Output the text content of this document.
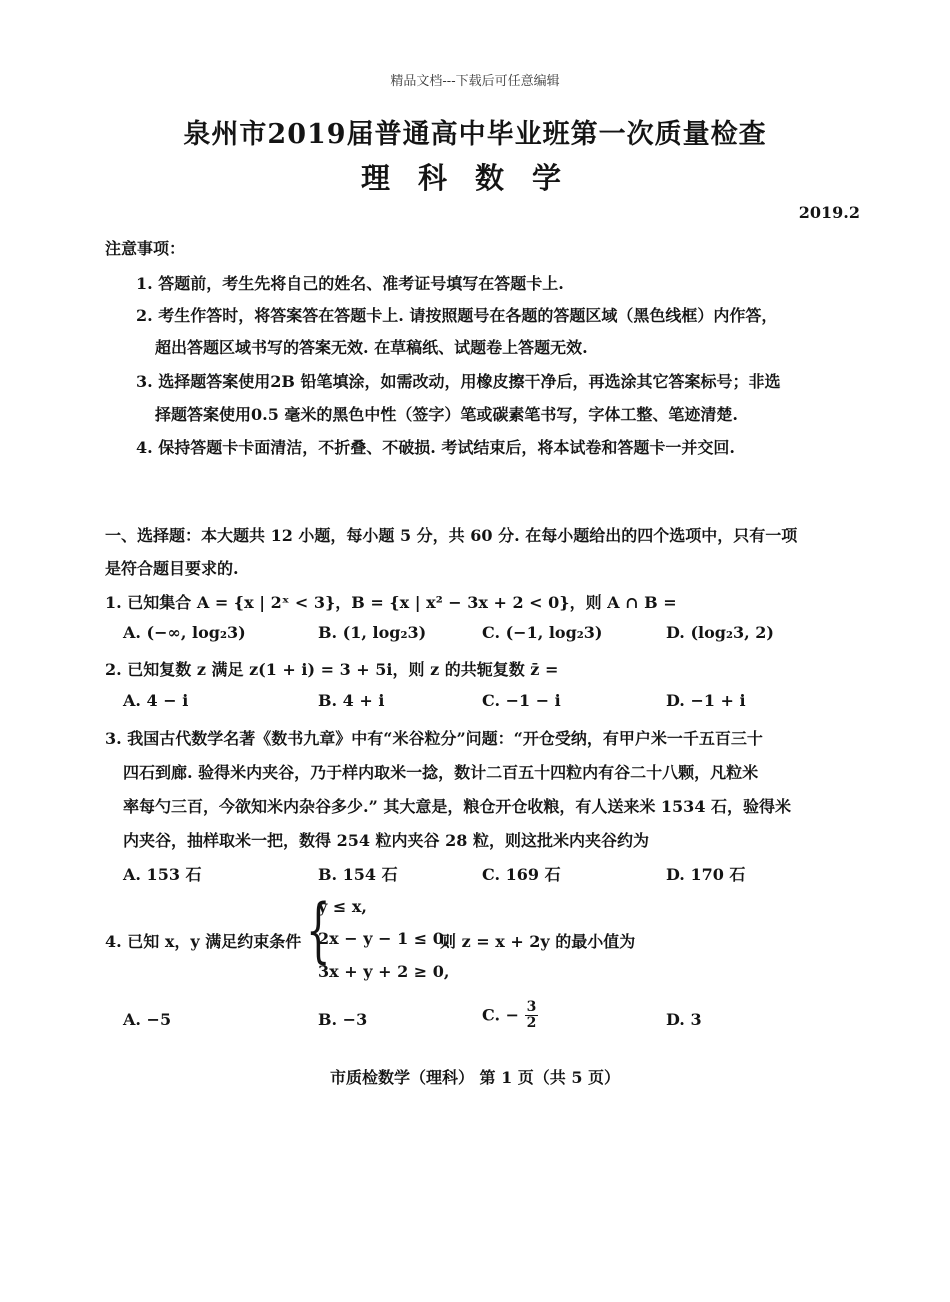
精品文档---下载后可任意编辑
泉州市2019届普通高中毕业班第一次质量检查
理科数学
2019.2
注意事项：
1. 答题前，考生先将自己的姓名、准考证号填写在答题卡上.
2. 考生作答时，将答案答在答题卡上. 请按照题号在各题的答题区域（黑色线框）内作答，
超出答题区域书写的答案无效. 在草稿纸、试题卷上答题无效.
3. 选择题答案使用2B 铅笔填涂，如需改动，用橡皮擦干净后，再选涂其它答案标号；非选
择题答案使用0.5 毫米的黑色中性（签字）笔或碳素笔书写，字体工整、笔迹清楚.
4. 保持答题卡卡面清洁，不折叠、不破损. 考试结束后，将本试卷和答题卡一并交回.
一、选择题：本大题共 12 小题，每小题 5 分，共 60 分. 在每小题给出的四个选项中，只有一项
是符合题目要求的.
1. 已知集合 A = {x | 2ˣ < 3}，B = {x | x² − 3x + 2 < 0}，则 A ∩ B =
A. (−∞, log₂3)	B. (1, log₂3)	C. (−1, log₂3)	D. (log₂3, 2)
2. 已知复数 z 满足 z(1 + i) = 3 + 5i，则 z 的共轭复数 z̄ =
A. 4 − i	B. 4 + i	C. −1 − i	D. −1 + i
3. 我国古代数学名著《数书九章》中有“米谷粒分”问题：“开仓受纳，有甲户米一千五百三十
四石到廊. 验得米内夹谷，乃于样内取米一捻，数计二百五十四粒内有谷二十八颗，凡粒米
率每勺三百，今欲知米内杂谷多少.” 其大意是，粮仓开仓收粮，有人送来米 1534 石，验得米
内夹谷，抽样取米一把，数得 254 粒内夹谷 28 粒，则这批米内夹谷约为
A. 153 石	B. 154 石	C. 169 石	D. 170 石
4. 已知 x，y 满足约束条件 {
y ≤ x,
2x − y − 1 ≤ 0,
3x + y + 2 ≥ 0,
则 z = x + 2y 的最小值为
A. −5	B. −3	C. − $\frac{3}{2}$	D. 3
市质检数学（理科） 第 1 页（共 5 页）
